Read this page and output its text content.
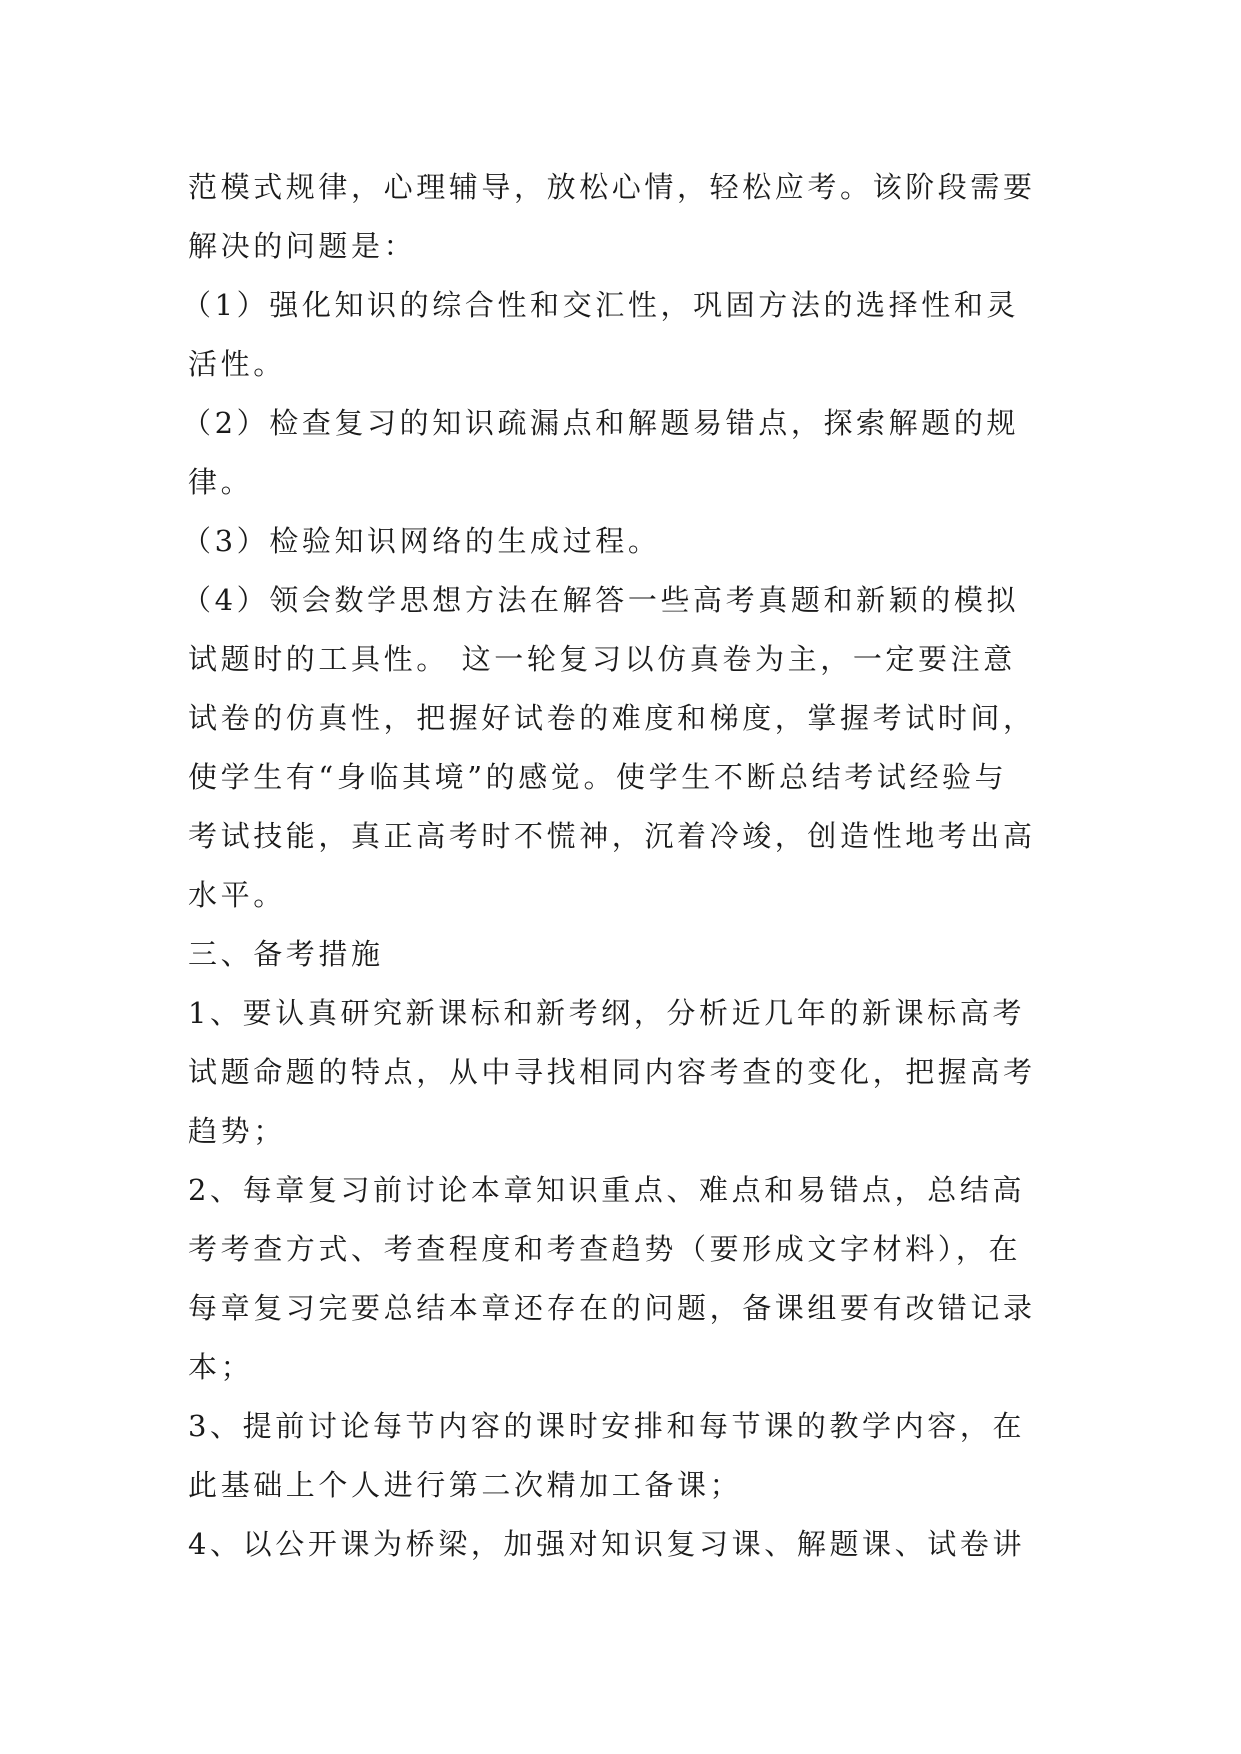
范模式规律，心理辅导，放松心情，轻松应考。该阶段需要
解决的问题是：
（1）强化知识的综合性和交汇性，巩固方法的选择性和灵
活性。
（2）检查复习的知识疏漏点和解题易错点，探索解题的规
律。
（3）检验知识网络的生成过程。
（4）领会数学思想方法在解答一些高考真题和新颖的模拟
试题时的工具性。 这一轮复习以仿真卷为主，一定要注意
试卷的仿真性，把握好试卷的难度和梯度，掌握考试时间，
使学生有“身临其境”的感觉。使学生不断总结考试经验与
考试技能，真正高考时不慌神，沉着冷竣，创造性地考出高
水平。
三、备考措施
1、要认真研究新课标和新考纲，分析近几年的新课标高考
试题命题的特点，从中寻找相同内容考查的变化，把握高考
趋势；
2、每章复习前讨论本章知识重点、难点和易错点，总结高
考考查方式、考查程度和考查趋势（要形成文字材料），在
每章复习完要总结本章还存在的问题，备课组要有改错记录
本；
3、提前讨论每节内容的课时安排和每节课的教学内容，在
此基础上个人进行第二次精加工备课；
4、以公开课为桥梁，加强对知识复习课、解题课、试卷讲
